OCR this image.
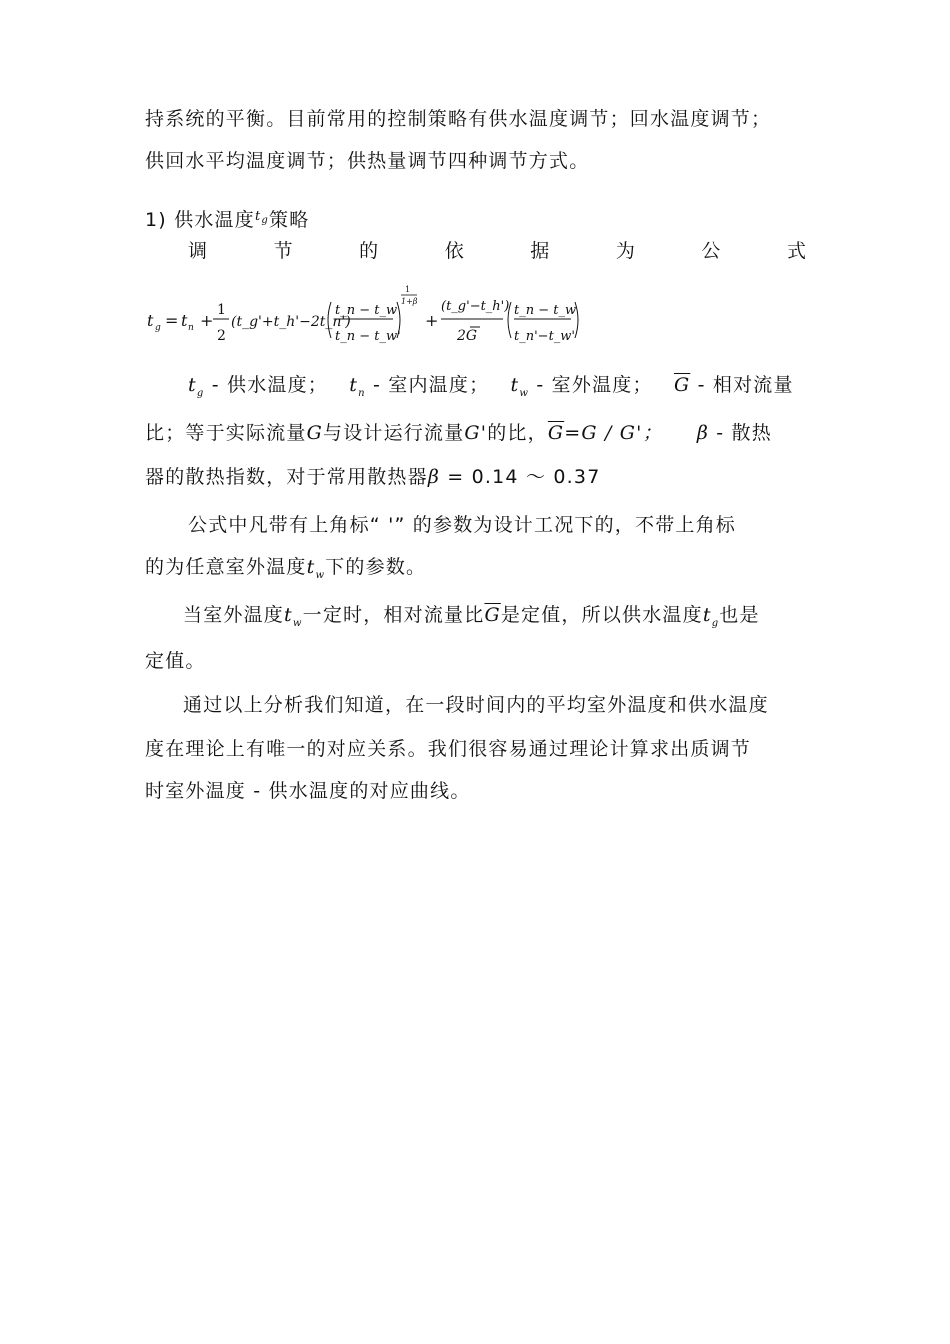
持系统的平衡。目前常用的控制策略有供水温度调节；回水温度调节；
供回水平均温度调节；供热量调节四种调节方式。
1) 供水温度$^{tg}$策略
调	节	的	依	据	为	公	式
t g = t n +
1
2
(t_g'+t_h'−2t_n')
t_n − t_w
t_n − t_w'
1
1+β
+
(t_g'−t_h')
2G
t_n − t_w
t_n'−t_w'
$t_g$ - 供水温度； $t_n$ - 室内温度； $t_w$ - 室外温度； $\overline{G}$ - 相对流量
比；等于实际流量G与设计运行流量G'的比，$\overline{G}=G / G'$； β - 散热
器的散热指数，对于常用散热器β = 0.14 ～ 0.37
公式中凡带有上角标“ '” 的参数为设计工况下的，不带上角标
的为任意室外温度$t_w$下的参数。
当室外温度$t_w$一定时，相对流量比$\overline{G}$是定值，所以供水温度$t_g$也是
定值。
通过以上分析我们知道，在一段时间内的平均室外温度和供水温度
度在理论上有唯一的对应关系。我们很容易通过理论计算求出质调节
时室外温度 - 供水温度的对应曲线。
